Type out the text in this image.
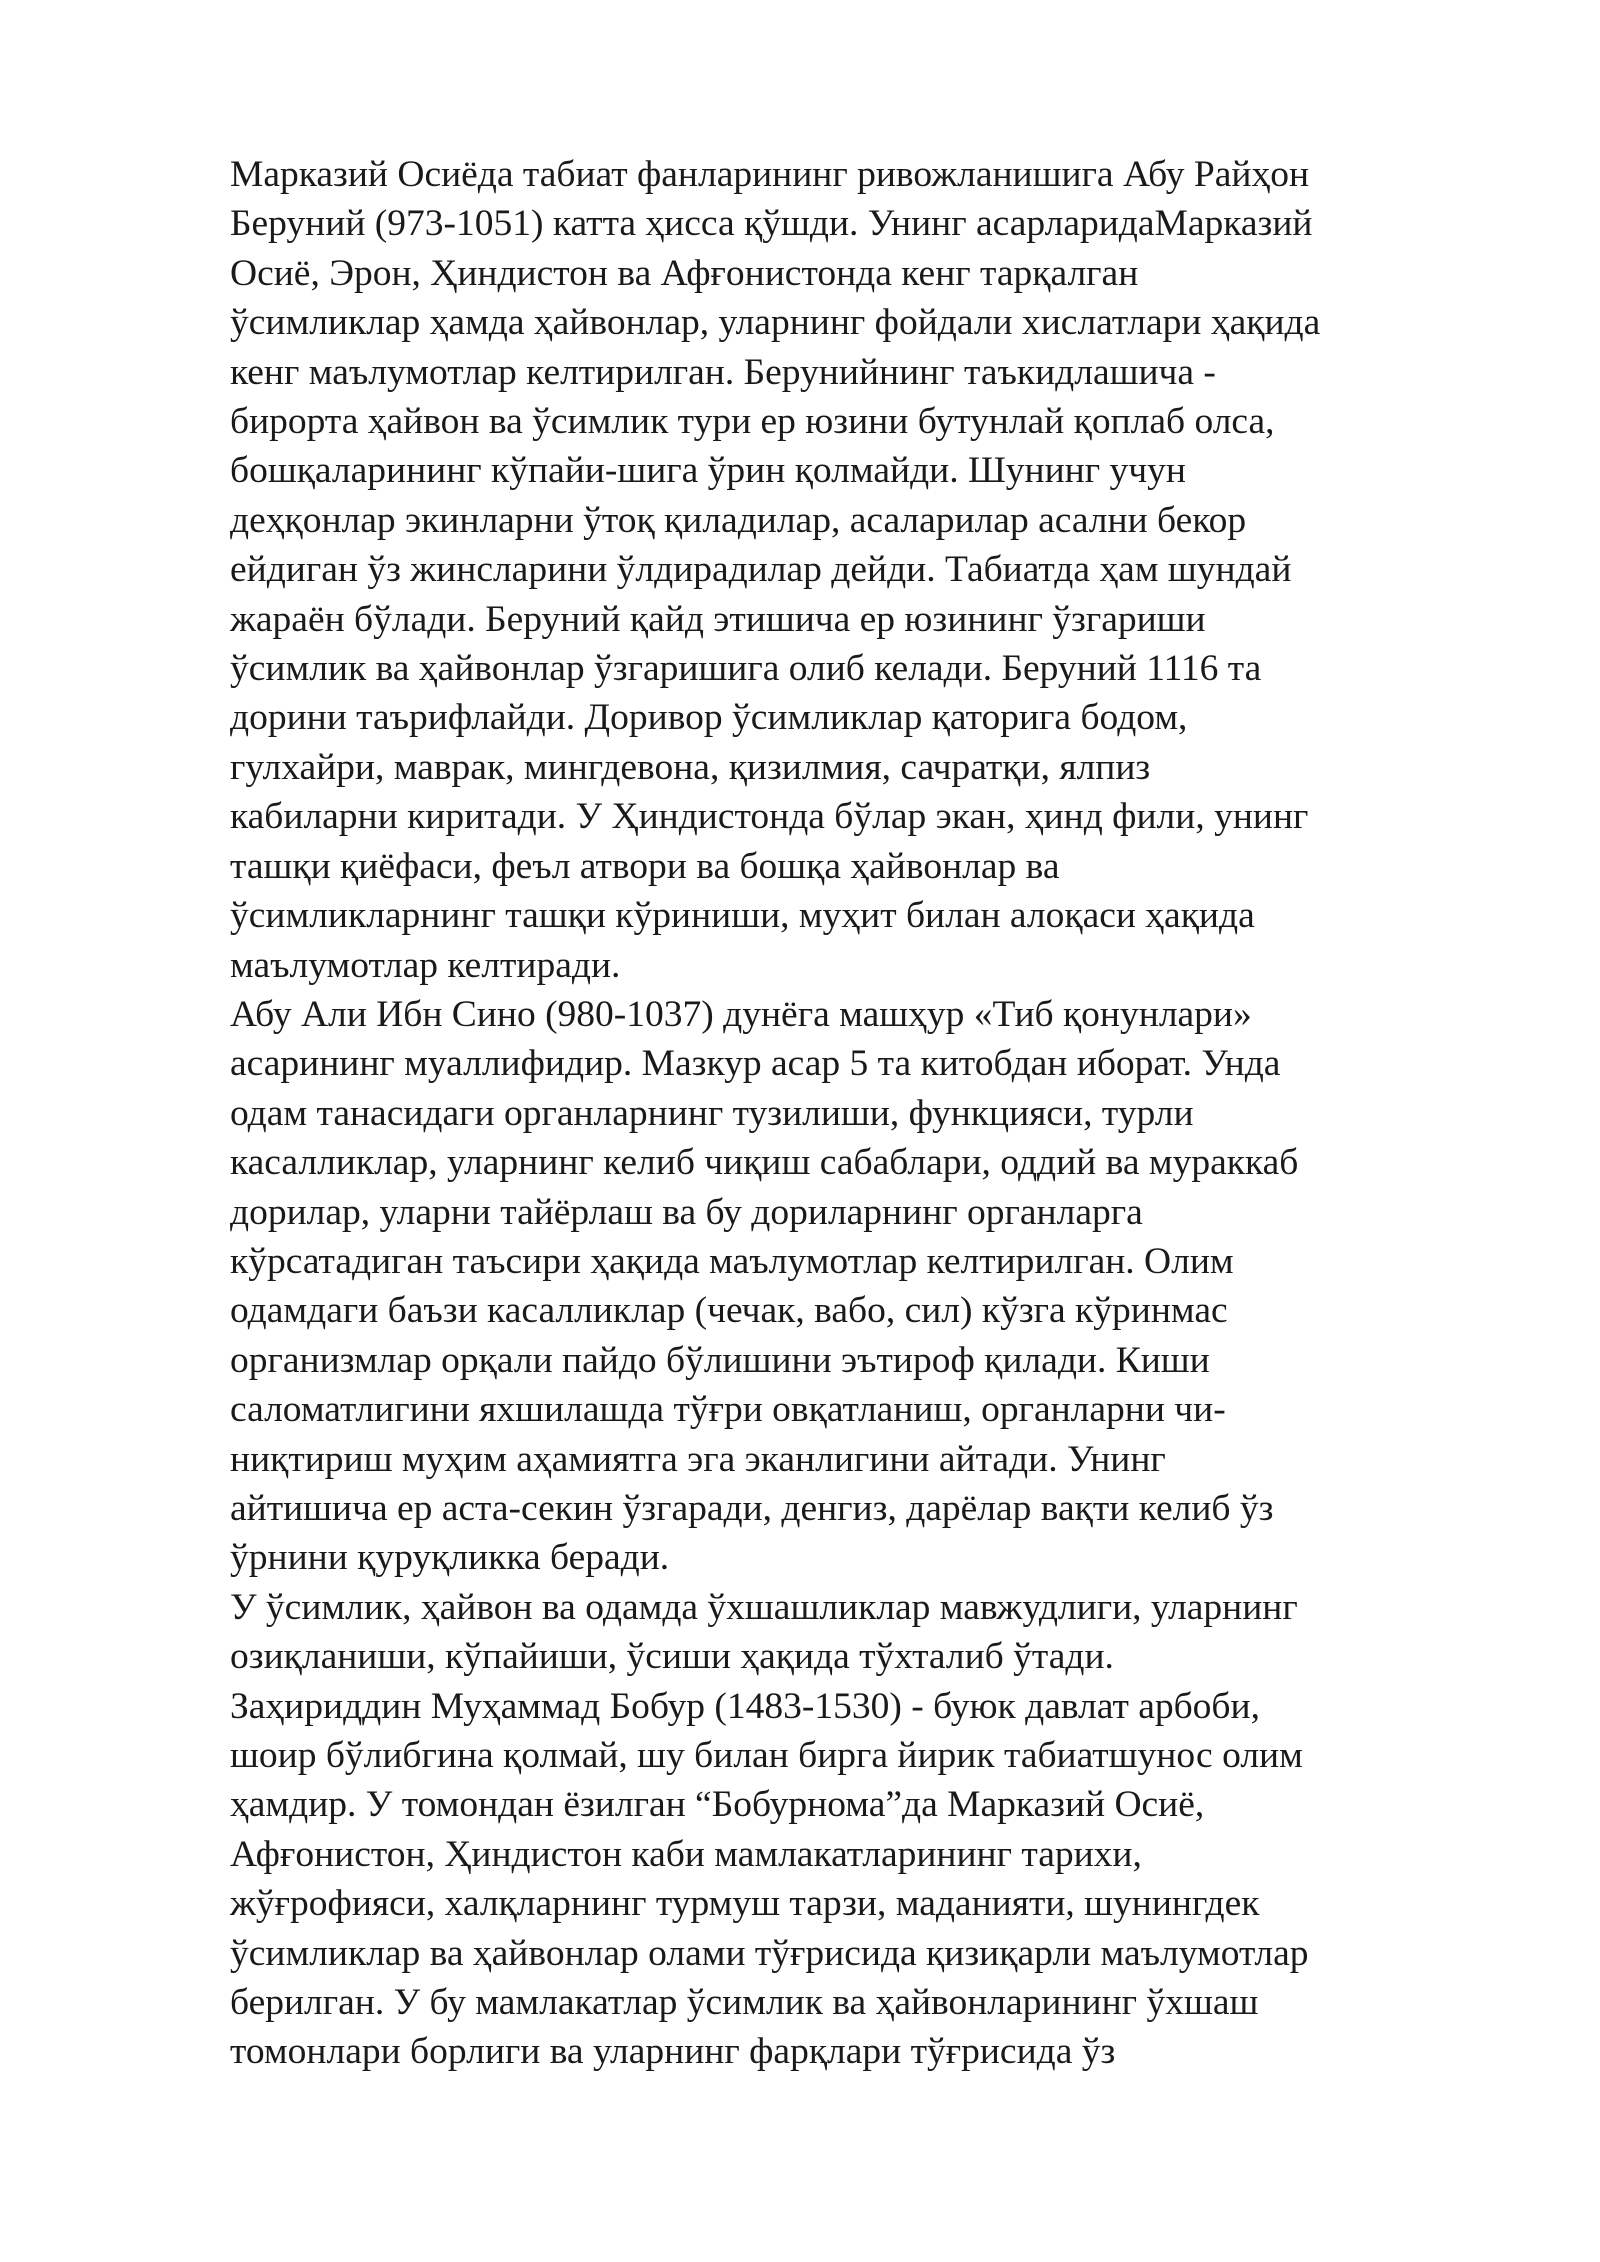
Марказий Осиёда табиат фанларининг ривожланишига Абу Райҳон
Беруний (973-1051) катта ҳисса қўшди. Унинг асарларидаМарказий
Осиё, Эрон, Ҳиндистон ва Афғонистонда кенг тарқалган
ўсимликлар ҳамда ҳайвонлар, уларнинг фойдали хислатлари ҳақида
кенг маълумотлар келтирилган. Берунийнинг таъкидлашича -
бирорта ҳайвон ва ўсимлик тури ер юзини бутунлай қоплаб олса,
бошқаларининг кўпайи-шига ўрин қолмайди. Шунинг учун
деҳқонлар экинларни ўтоқ қиладилар, асаларилар асални бекор
ейдиган ўз жинсларини ўлдирадилар дейди. Табиатда ҳам шундай
жараён бўлади. Беруний қайд этишича ер юзининг ўзгариши
ўсимлик ва ҳайвонлар ўзгаришига олиб келади. Беруний 1116 та
дорини таърифлайди. Доривор ўсимликлар қаторига бодом,
гулхайри, маврак, мингдевона, қизилмия, сачратқи, ялпиз
кабиларни киритади. У Ҳиндистонда бўлар экан, ҳинд фили, унинг
ташқи қиёфаси, феъл атвори ва бошқа ҳайвонлар ва
ўсимликларнинг ташқи кўриниши, муҳит билан алоқаси ҳақида
маълумотлар келтиради.
Абу Али Ибн Сино (980-1037) дунёга машҳур «Тиб қонунлари»
асарининг муаллифидир. Мазкур асар 5 та китобдан иборат. Унда
одам танасидаги органларнинг тузилиши, функцияси, турли
касалликлар, уларнинг келиб чиқиш сабаблари, оддий ва мураккаб
дорилар, уларни тайёрлаш ва бу дориларнинг органларга
кўрсатадиган таъсири ҳақида маълумотлар келтирилган. Олим
одамдаги баъзи касалликлар (чечак, вабо, сил) кўзга кўринмас
организмлар орқали пайдо бўлишини эътироф қилади. Киши
саломатлигини яхшилашда тўғри овқатланиш, органларни чи-
ниқтириш муҳим аҳамиятга эга эканлигини айтади. Унинг
айтишича ер аста-секин ўзгаради, денгиз, дарёлар вақти келиб ўз
ўрнини қуруқликка беради.
У ўсимлик, ҳайвон ва одамда ўхшашликлар мавжудлиги, уларнинг
озиқланиши, кўпайиши, ўсиши ҳақида тўхталиб ўтади.
Заҳириддин Муҳаммад Бобур (1483-1530) - буюк давлат арбоби,
шоир бўлибгина қолмай, шу билан бирга йирик табиатшунос олим
ҳамдир. У томондан ёзилган “Бобурнома”да Марказий Осиё,
Афғонистон, Ҳиндистон каби мамлакатларининг тарихи,
жўғрофияси, халқларнинг турмуш тарзи, маданияти, шунингдек
ўсимликлар ва ҳайвонлар олами тўғрисида қизиқарли маълумотлар
берилган. У бу мамлакатлар ўсимлик ва ҳайвонларининг ўхшаш
томонлари борлиги ва уларнинг фарқлари тўғрисида ўз
